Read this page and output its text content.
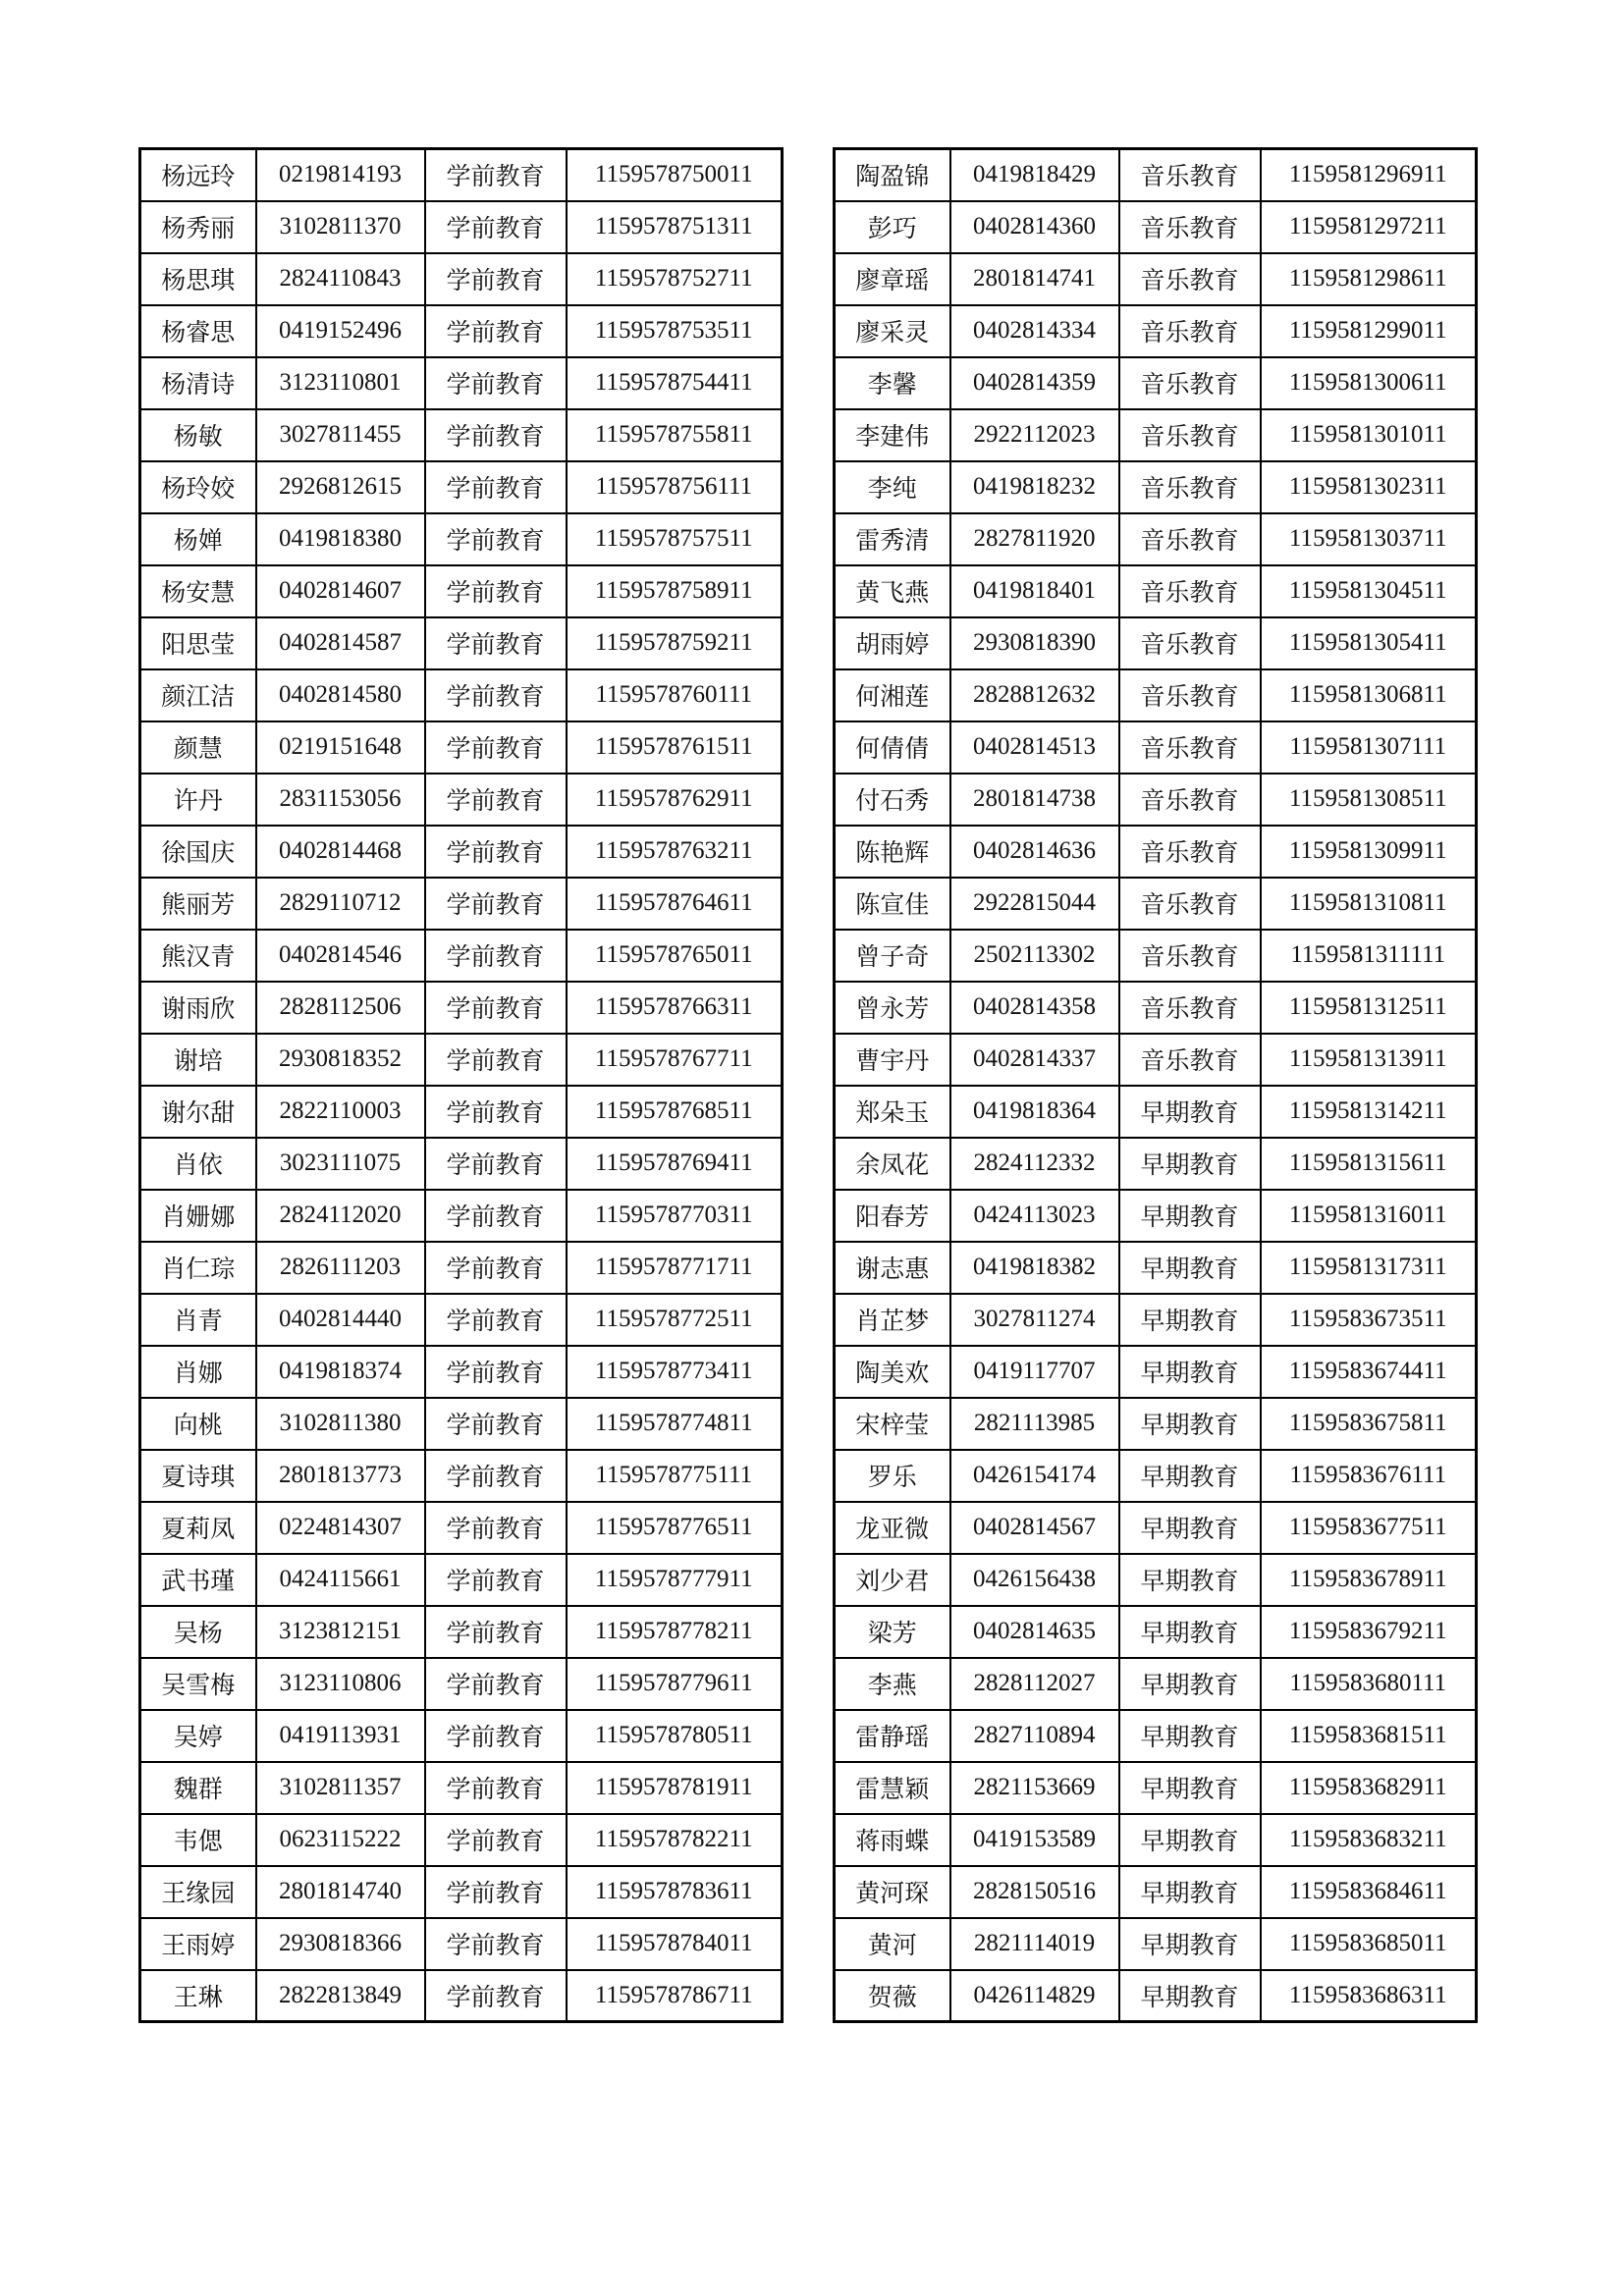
杨远玲	0219814193	学前教育	1159578750011
杨秀丽	3102811370	学前教育	1159578751311
杨思琪	2824110843	学前教育	1159578752711
杨睿思	0419152496	学前教育	1159578753511
杨清诗	3123110801	学前教育	1159578754411
杨敏	3027811455	学前教育	1159578755811
杨玲姣	2926812615	学前教育	1159578756111
杨婵	0419818380	学前教育	1159578757511
杨安慧	0402814607	学前教育	1159578758911
阳思莹	0402814587	学前教育	1159578759211
颜江洁	0402814580	学前教育	1159578760111
颜慧	0219151648	学前教育	1159578761511
许丹	2831153056	学前教育	1159578762911
徐国庆	0402814468	学前教育	1159578763211
熊丽芳	2829110712	学前教育	1159578764611
熊汉青	0402814546	学前教育	1159578765011
谢雨欣	2828112506	学前教育	1159578766311
谢培	2930818352	学前教育	1159578767711
谢尔甜	2822110003	学前教育	1159578768511
肖依	3023111075	学前教育	1159578769411
肖姗娜	2824112020	学前教育	1159578770311
肖仁琮	2826111203	学前教育	1159578771711
肖青	0402814440	学前教育	1159578772511
肖娜	0419818374	学前教育	1159578773411
向桃	3102811380	学前教育	1159578774811
夏诗琪	2801813773	学前教育	1159578775111
夏莉凤	0224814307	学前教育	1159578776511
武书瑾	0424115661	学前教育	1159578777911
吴杨	3123812151	学前教育	1159578778211
吴雪梅	3123110806	学前教育	1159578779611
吴婷	0419113931	学前教育	1159578780511
魏群	3102811357	学前教育	1159578781911
韦偲	0623115222	学前教育	1159578782211
王缘园	2801814740	学前教育	1159578783611
王雨婷	2930818366	学前教育	1159578784011
王琳	2822813849	学前教育	1159578786711
陶盈锦	0419818429	音乐教育	1159581296911
彭巧	0402814360	音乐教育	1159581297211
廖章瑶	2801814741	音乐教育	1159581298611
廖采灵	0402814334	音乐教育	1159581299011
李馨	0402814359	音乐教育	1159581300611
李建伟	2922112023	音乐教育	1159581301011
李纯	0419818232	音乐教育	1159581302311
雷秀清	2827811920	音乐教育	1159581303711
黄飞燕	0419818401	音乐教育	1159581304511
胡雨婷	2930818390	音乐教育	1159581305411
何湘莲	2828812632	音乐教育	1159581306811
何倩倩	0402814513	音乐教育	1159581307111
付石秀	2801814738	音乐教育	1159581308511
陈艳辉	0402814636	音乐教育	1159581309911
陈宣佳	2922815044	音乐教育	1159581310811
曾子奇	2502113302	音乐教育	1159581311111
曾永芳	0402814358	音乐教育	1159581312511
曹宇丹	0402814337	音乐教育	1159581313911
郑朵玉	0419818364	早期教育	1159581314211
余凤花	2824112332	早期教育	1159581315611
阳春芳	0424113023	早期教育	1159581316011
谢志惠	0419818382	早期教育	1159581317311
肖芷梦	3027811274	早期教育	1159583673511
陶美欢	0419117707	早期教育	1159583674411
宋梓莹	2821113985	早期教育	1159583675811
罗乐	0426154174	早期教育	1159583676111
龙亚微	0402814567	早期教育	1159583677511
刘少君	0426156438	早期教育	1159583678911
梁芳	0402814635	早期教育	1159583679211
李燕	2828112027	早期教育	1159583680111
雷静瑶	2827110894	早期教育	1159583681511
雷慧颖	2821153669	早期教育	1159583682911
蒋雨蝶	0419153589	早期教育	1159583683211
黄河琛	2828150516	早期教育	1159583684611
黄河	2821114019	早期教育	1159583685011
贺薇	0426114829	早期教育	1159583686311
